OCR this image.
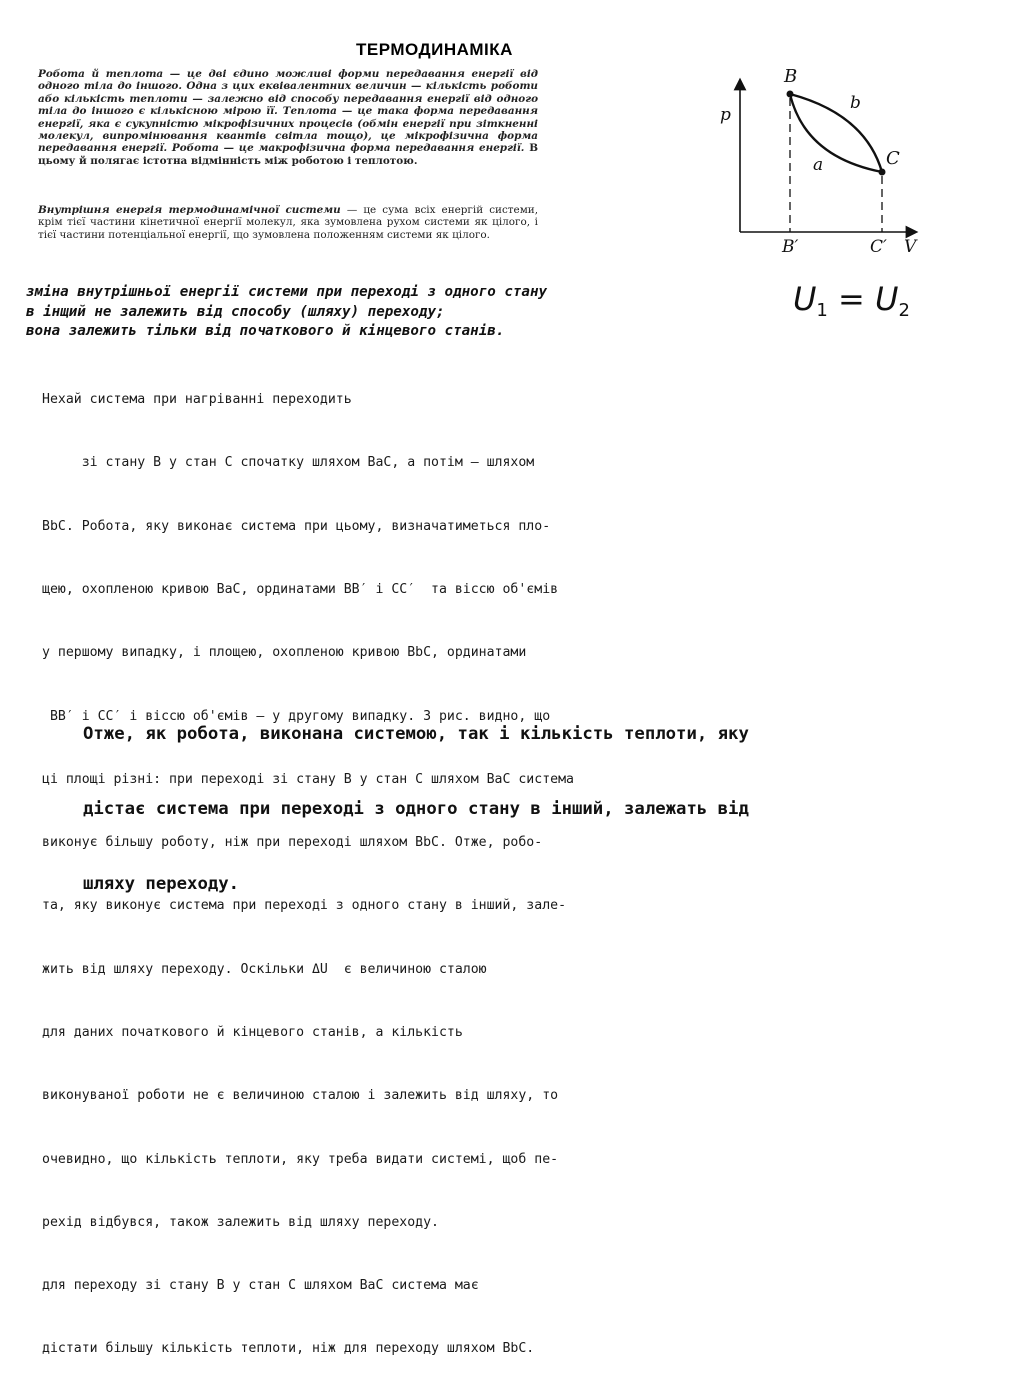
ТЕРМОДИНАМІКА
Робота й теплота — це дві єдино можливі форми передавання енергії від одного тіла до іншого. Одна з цих еквівалентних величин — кількість роботи або кількість теплоти — залежно від способу передавання енергії від одного тіла до іншого є кількісною мірою її. Теплота — це така форма передавання енергії, яка є сукупністю мікрофізичних процесів (обмін енергії при зіткненні молекул, випромінювання квантів світла тощо), це мікрофізична форма передавання енергії. Робота — це макрофізична форма передавання енергії. В цьому й полягає істотна відмінність між роботою і теплотою.
Внутрішня енергія термодинамічної системи — це сума всіх енергій системи, крім тієї частини кінетичної енергії молекул, яка зумовлена рухом системи як цілого, і тієї частини потенціальної енергії, що зумовлена положенням системи як цілого.
p
V
B
C
a
b
B′	C′
зміна внутрішньої енергії системи при переході з одного стану
в інщий не залежить від способу (шляху) переходу;
вона залежить тільки від початкового й кінцевого станів.
$U_1 = U_2$

Нехай система при нагріванні переходить

зі стану B у стан С спочатку шляхом BaC, а потім — шляхом

BbC. Робота, яку виконає система при цьому, визначатиметься пло-

щею, охопленою кривою BaC, ординатами BB′ і CC′  та віссю об'ємів

у першому випадку, і площею, охопленою кривою BbC, ординатами

BB′ і CC′ і віссю об'ємів — у другому випадку. З рис. видно, що

ці площі різні: при переході зі стану B у стан C шляхом BaC система

виконує більшу роботу, ніж при переході шляхом BbC. Отже, робо-

та, яку виконує система при переході з одного стану в інший, зале-

жить від шляху переходу. Оскільки ΔU  є величиною сталою

для даних початкового й кінцевого станів, а кількість

виконуваної роботи не є величиною сталою і залежить від шляху, то

очевидно, що кількість теплоти, яку треба видати системі, щоб пе-

рехід відбувся, також залежить від шляху переходу.

для переходу зі стану B у стан C шляхом BaC система має

дістати більшу кількість теплоти, ніж для переходу шляхом BbC.

Отже, як робота, виконана системою, так і кількість теплоти, яку

дістає система при переході з одного стану в інший, залежать від

шляху переходу.
